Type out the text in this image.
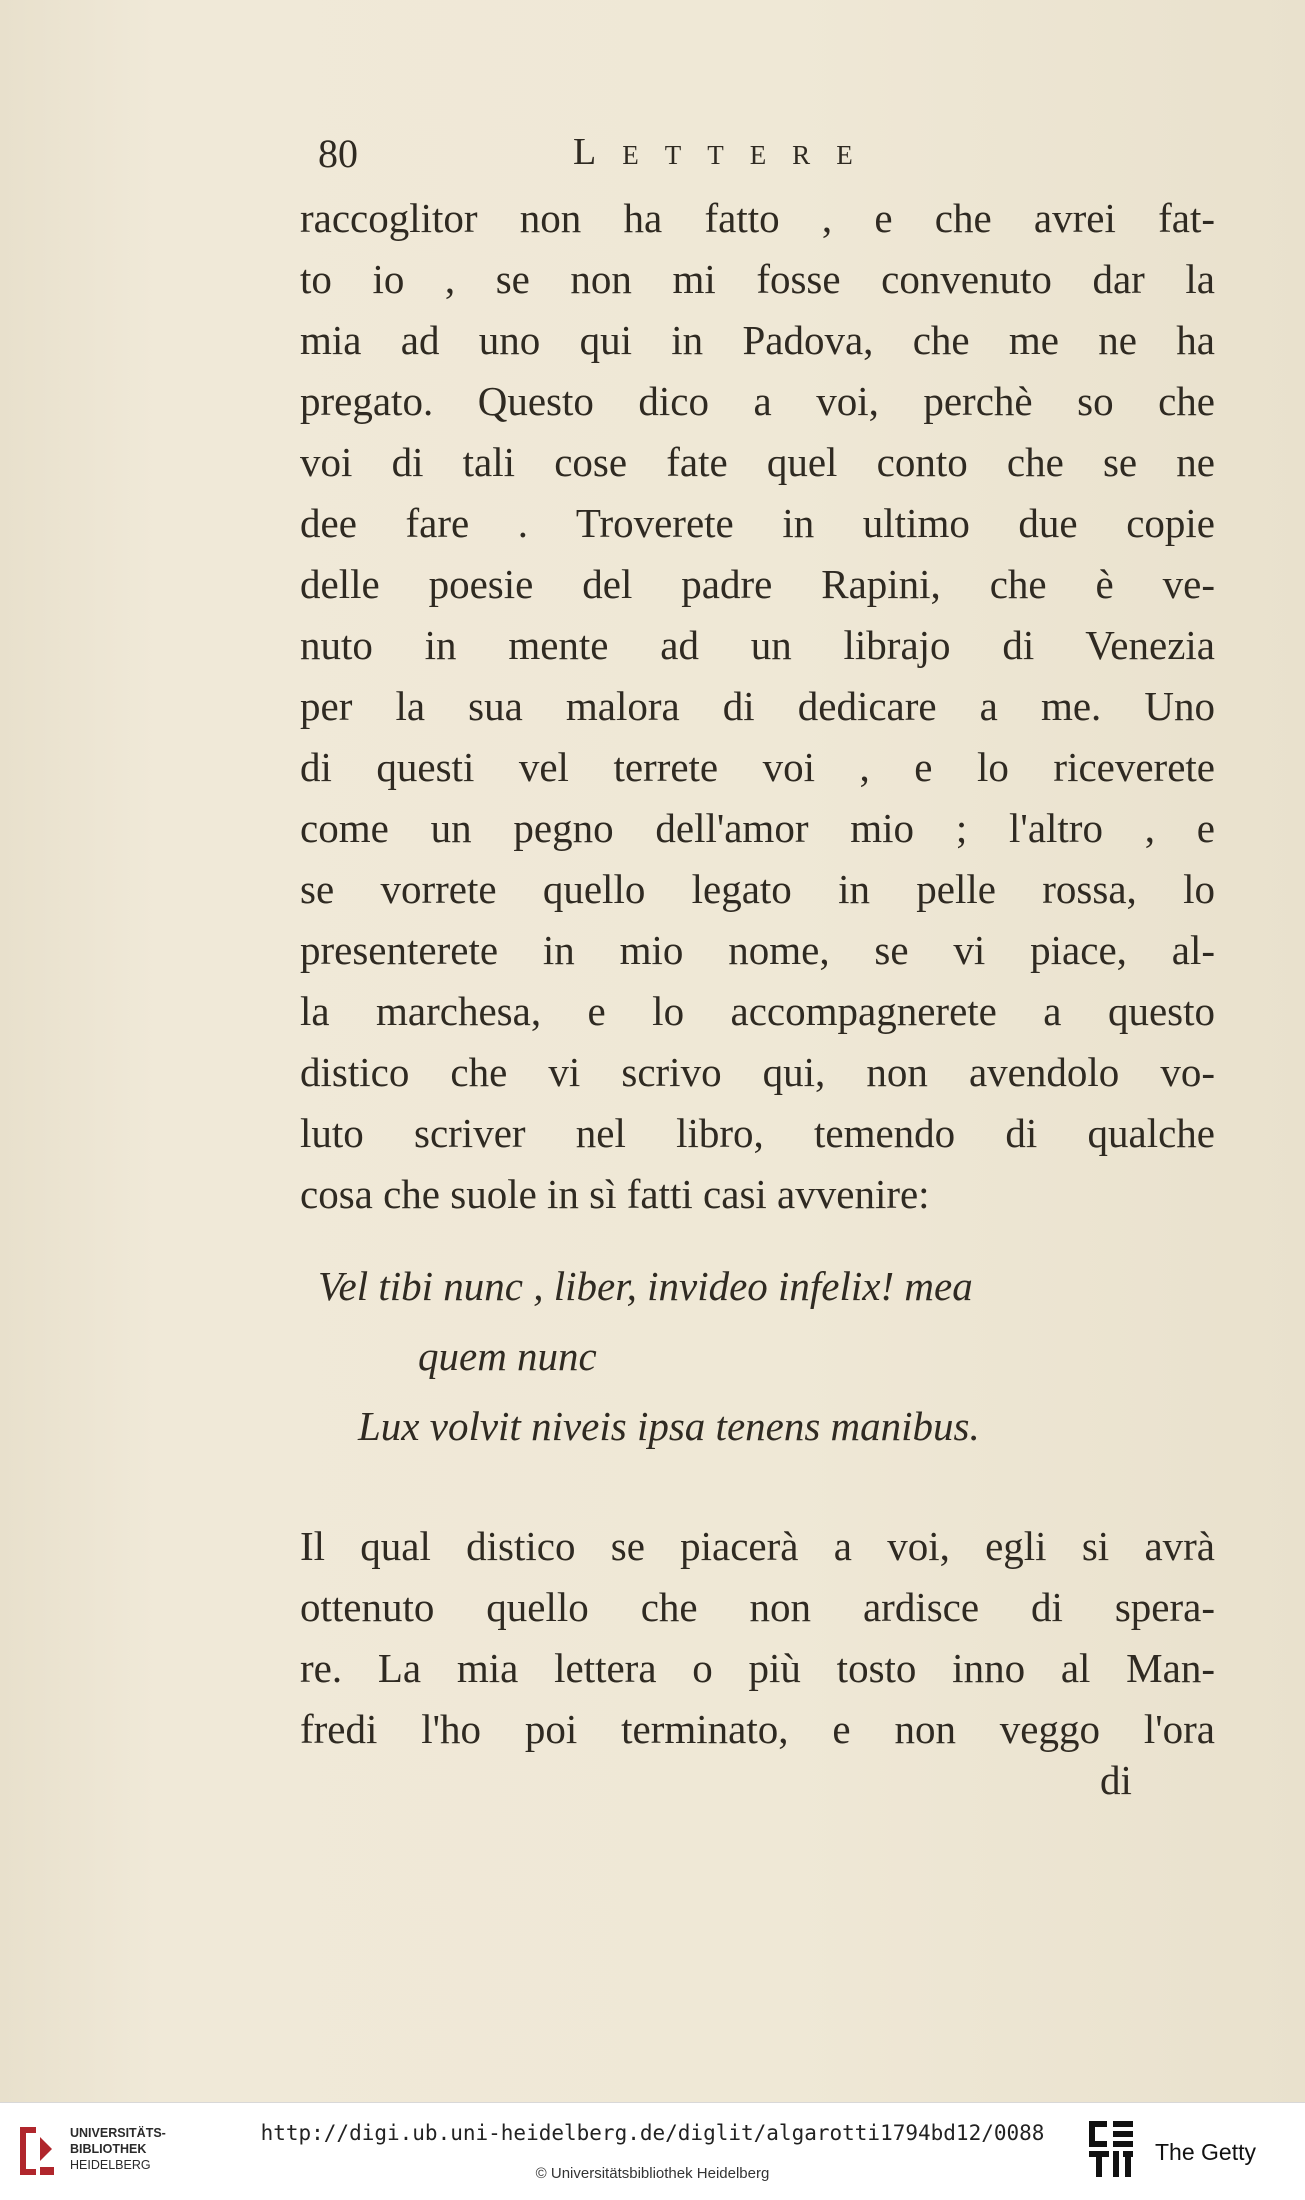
80	Lettere
raccoglitor non ha fatto , e che avrei fat-
to io , se non mi fosse convenuto dar la
mia ad uno qui in Padova, che me ne ha
pregato. Questo dico a voi, perchè so che
voi di tali cose fate quel conto che se ne
dee fare . Troverete in ultimo due copie
delle poesie del padre Rapini, che è ve-
nuto in mente ad un librajo di Venezia
per la sua malora di dedicare a me. Uno
di questi vel terrete voi , e lo riceverete
come un pegno dell'amor mio ; l'altro , e
se vorrete quello legato in pelle rossa, lo
presenterete in mio nome, se vi piace, al-
la marchesa, e lo accompagnerete a questo
distico che vi scrivo qui, non avendolo vo-
luto scriver nel libro, temendo di qualche
cosa che suole in sì fatti casi avvenire:
Vel tibi nunc , liber, invideo infelix! mea
quem nunc
Lux volvit niveis ipsa tenens manibus.
Il qual distico se piacerà a voi, egli si avrà
ottenuto quello che non ardisce di spera-
re. La mia lettera o più tosto inno al Man-
fredi l'ho poi terminato, e non veggo l'ora
di
UNIVERSITÄTS-
BIBLIOTHEK
HEIDELBERG
http://digi.ub.uni-heidelberg.de/diglit/algarotti1794bd12/0088
© Universitätsbibliothek Heidelberg
The Getty
